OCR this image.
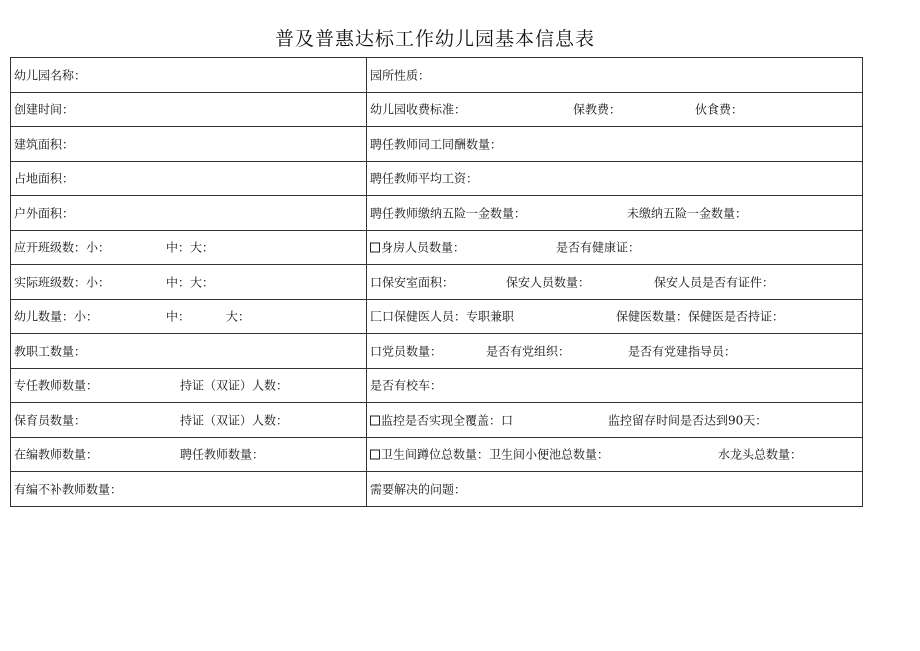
普及普惠达标工作幼儿园基本信息表
幼儿园名称：	园所性质：

创建时间：	幼儿园收费标准： 保教费： 伙食费：

建筑面积：	聘任教师同工同酬数量：

占地面积：	聘任教师平均工资：

户外面积：	聘任教师缴纳五险一金数量： 未缴纳五险一金数量：

应开班级数：小： 中：大：	身房人员数量： 是否有健康证：

实际班级数：小： 中：大：	口保安室面积： 保安人员数量： 保安人员是否有证件：

幼儿数量：小： 中： 大：	匚口保健医人员：专职兼职 保健医数量：保健医是否持证：

教职工数量：	口党员数量： 是否有党组织： 是否有党建指导员：

专任教师数量： 持证（双证）人数：	是否有校车：

保育员数量： 持证（双证）人数：	监控是否实现全覆盖：口 监控留存时间是否达到90天：

在编教师数量： 聘任教师数量：	卫生间蹲位总数量：卫生间小便池总数量： 水龙头总数量：

有编不补教师数量：	需要解决的问题：
